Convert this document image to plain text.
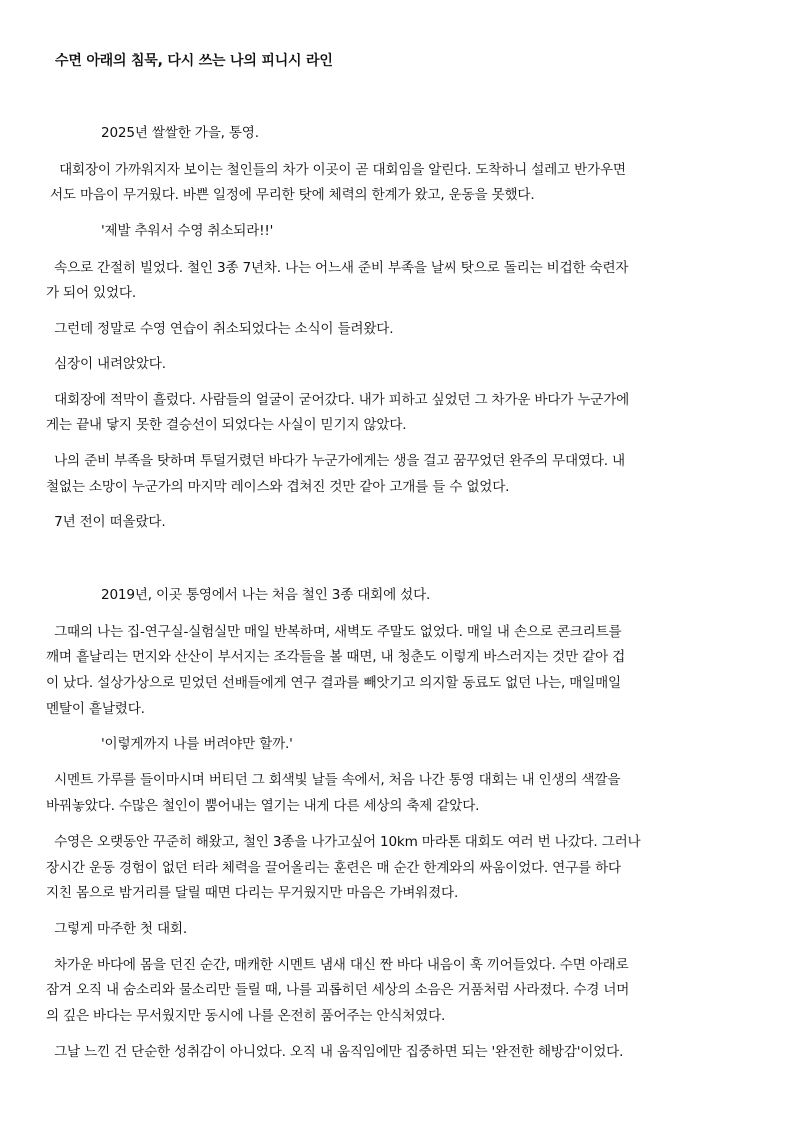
수면 아래의 침묵, 다시 쓰는 나의 피니시 라인
2025년 쌀쌀한 가을, 통영.
대회장이 가까워지자 보이는 철인들의 차가 이곳이 곧 대회임을 알린다. 도착하니 설레고 반가우면
서도 마음이 무거웠다. 바쁜 일정에 무리한 탓에 체력의 한계가 왔고, 운동을 못했다.
'제발 추워서 수영 취소되라!!'
속으로 간절히 빌었다. 철인 3종 7년차. 나는 어느새 준비 부족을 날씨 탓으로 돌리는 비겁한 숙련자
가 되어 있었다.
그런데 정말로 수영 연습이 취소되었다는 소식이 들려왔다.
심장이 내려앉았다.
대회장에 적막이 흘렀다. 사람들의 얼굴이 굳어갔다. 내가 피하고 싶었던 그 차가운 바다가 누군가에
게는 끝내 닿지 못한 결승선이 되었다는 사실이 믿기지 않았다.
나의 준비 부족을 탓하며 투덜거렸던 바다가 누군가에게는 생을 걸고 꿈꾸었던 완주의 무대였다. 내
철없는 소망이 누군가의 마지막 레이스와 겹쳐진 것만 같아 고개를 들 수 없었다.
7년 전이 떠올랐다.
2019년, 이곳 통영에서 나는 처음 철인 3종 대회에 섰다.
그때의 나는 집-연구실-실험실만 매일 반복하며, 새벽도 주말도 없었다. 매일 내 손으로 콘크리트를
깨며 흩날리는 먼지와 산산이 부서지는 조각들을 볼 때면, 내 청춘도 이렇게 바스러지는 것만 같아 겁
이 났다. 설상가상으로 믿었던 선배들에게 연구 결과를 빼앗기고 의지할 동료도 없던 나는, 매일매일
멘탈이 흩날렸다.
'이렇게까지 나를 버려야만 할까.'
시멘트 가루를 들이마시며 버티던 그 회색빛 날들 속에서, 처음 나간 통영 대회는 내 인생의 색깔을
바꿔놓았다. 수많은 철인이 뿜어내는 열기는 내게 다른 세상의 축제 같았다.
수영은 오랫동안 꾸준히 해왔고, 철인 3종을 나가고싶어 10km 마라톤 대회도 여러 번 나갔다. 그러나
장시간 운동 경험이 없던 터라 체력을 끌어올리는 훈련은 매 순간 한계와의 싸움이었다. 연구를 하다
지친 몸으로 밤거리를 달릴 때면 다리는 무거웠지만 마음은 가벼워졌다.
그렇게 마주한 첫 대회.
차가운 바다에 몸을 던진 순간, 매캐한 시멘트 냄새 대신 짠 바다 내음이 훅 끼어들었다. 수면 아래로
잠겨 오직 내 숨소리와 물소리만 들릴 때, 나를 괴롭히던 세상의 소음은 거품처럼 사라졌다. 수경 너머
의 깊은 바다는 무서웠지만 동시에 나를 온전히 품어주는 안식처였다.
그날 느낀 건 단순한 성취감이 아니었다. 오직 내 움직임에만 집중하면 되는 '완전한 해방감'이었다.
